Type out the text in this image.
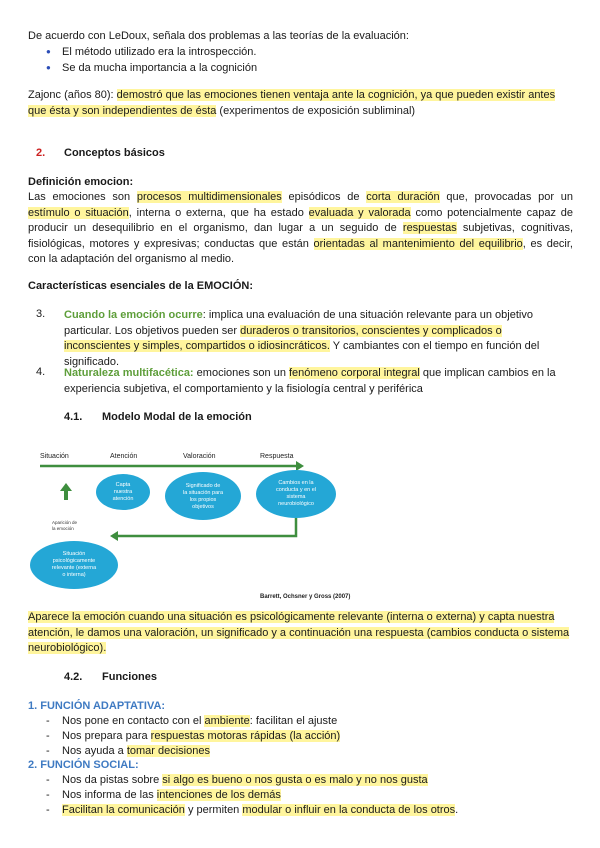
De acuerdo con LeDoux, señala dos problemas a las teorías de la evaluación:

● El método utilizado era la introspección.
● Se da mucha importancia a la cognición

Zajonc (años 80): demostró que las emociones tienen ventaja ante la cognición, ya que pueden existir antes que ésta y son independientes de ésta (experimentos de exposición subliminal)

2. Conceptos básicos

Definición emocion:

Las emociones son procesos multidimensionales episódicos de corta duración que, provocadas por un estímulo o situación, interna o externa, que ha estado evaluada y valorada como potencialmente capaz de producir un desequilibrio en el organismo, dan lugar a un seguido de respuestas subjetivas, cognitivas, fisiológicas, motores y expresivas; conductas que están orientadas al mantenimiento del equilibrio, es decir, con la adaptación del organismo al medio.

Características esenciales de la EMOCIÓN:

3. Cuando la emoción ocurre: implica una evaluación de una situación relevante para un objetivo particular. Los objetivos pueden ser duraderos o transitorios, conscientes y complicados o inconscientes y simples, compartidos o idiosincráticos. Y cambiantes con el tiempo en función del significado.

4. Naturaleza multifacética: emociones son un fenómeno corporal integral que implican cambios en la experiencia subjetiva, el comportamiento y la fisiología central y periférica

4.1. Modelo Modal de la emoción
Situación	Atención	Valoración	Respuesta
Aparición de la emoción
Capta nuestra atención
Significado de la situación para los propios objetivos
Cambios en la conducta y en el sistema neurobiológico
Situación psicológicamente relevante (externa o interna)
Barrett, Ochsner y Gross (2007)

Aparece la emoción cuando una situación es psicológicamente relevante (interna o externa) y capta nuestra atención, le damos una valoración, un significado y a continuación una respuesta (cambios conducta o sistema neurobiológico).

4.2. Funciones

1. FUNCIÓN ADAPTATIVA:

- Nos pone en contacto con el ambiente: facilitan el ajuste
- Nos prepara para respuestas motoras rápidas (la acción)
- Nos ayuda a tomar decisiones

2. FUNCIÓN SOCIAL:

- Nos da pistas sobre si algo es bueno o nos gusta o es malo y no nos gusta
- Nos informa de las intenciones de los demás
- Facilitan la comunicación y permiten modular o influir en la conducta de los otros.
